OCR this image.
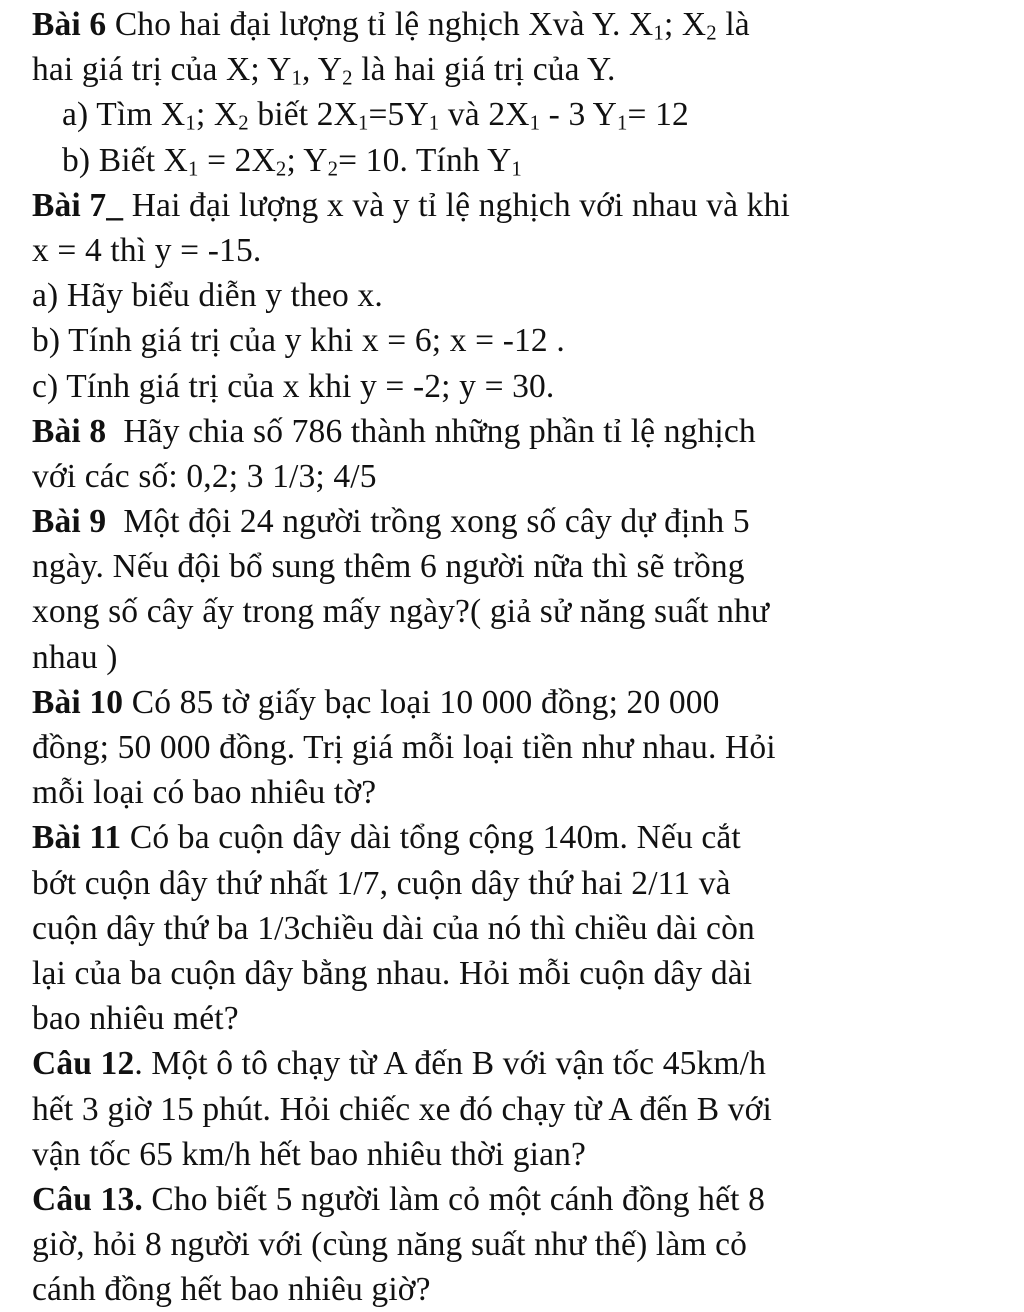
Bài 6 Cho hai đại lượng tỉ lệ nghịch Xvà Y. $X_1$; $X_2$ là
hai giá trị của X; $Y_1$, $Y_2$ là hai giá trị của Y.
a) Tìm $X_1$; $X_2$ biết $2X_1=5Y_1$ và $2X_1 - 3$ $Y_1= 12$
b) Biết $X_1 = 2X_2$; $Y_2= 10$. Tính $Y_1$
Bài 7_ Hai đại lượng x và y tỉ lệ nghịch với nhau và khi
x = 4 thì y = -15.
a) Hãy biểu diễn y theo x.
b) Tính giá trị của y khi x = 6; x = -12 .
c) Tính giá trị của x khi y = -2; y = 30.
Bài 8  Hãy chia số 786 thành những phần tỉ lệ nghịch
với các số: 0,2; 3 1/3; 4/5
Bài 9  Một đội 24 người trồng xong số cây dự định 5
ngày. Nếu đội bổ sung thêm 6 người nữa thì sẽ trồng
xong số cây ấy trong mấy ngày?( giả sử năng suất như
nhau )
Bài 10 Có 85 tờ giấy bạc loại 10 000 đồng; 20 000
đồng; 50 000 đồng. Trị giá mỗi loại tiền như nhau. Hỏi
mỗi loại có bao nhiêu tờ?
Bài 11 Có ba cuộn dây dài tổng cộng 140m. Nếu cắt
bớt cuộn dây thứ nhất 1/7, cuộn dây thứ hai 2/11 và
cuộn dây thứ ba 1/3chiều dài của nó thì chiều dài còn
lại của ba cuộn dây bằng nhau. Hỏi mỗi cuộn dây dài
bao nhiêu mét?
Câu 12. Một ô tô chạy từ A đến B với vận tốc 45km/h
hết 3 giờ 15 phút. Hỏi chiếc xe đó chạy từ A đến B với
vận tốc 65 km/h hết bao nhiêu thời gian?
Câu 13. Cho biết 5 người làm cỏ một cánh đồng hết 8
giờ, hỏi 8 người với (cùng năng suất như thế) làm cỏ
cánh đồng hết bao nhiêu giờ?
